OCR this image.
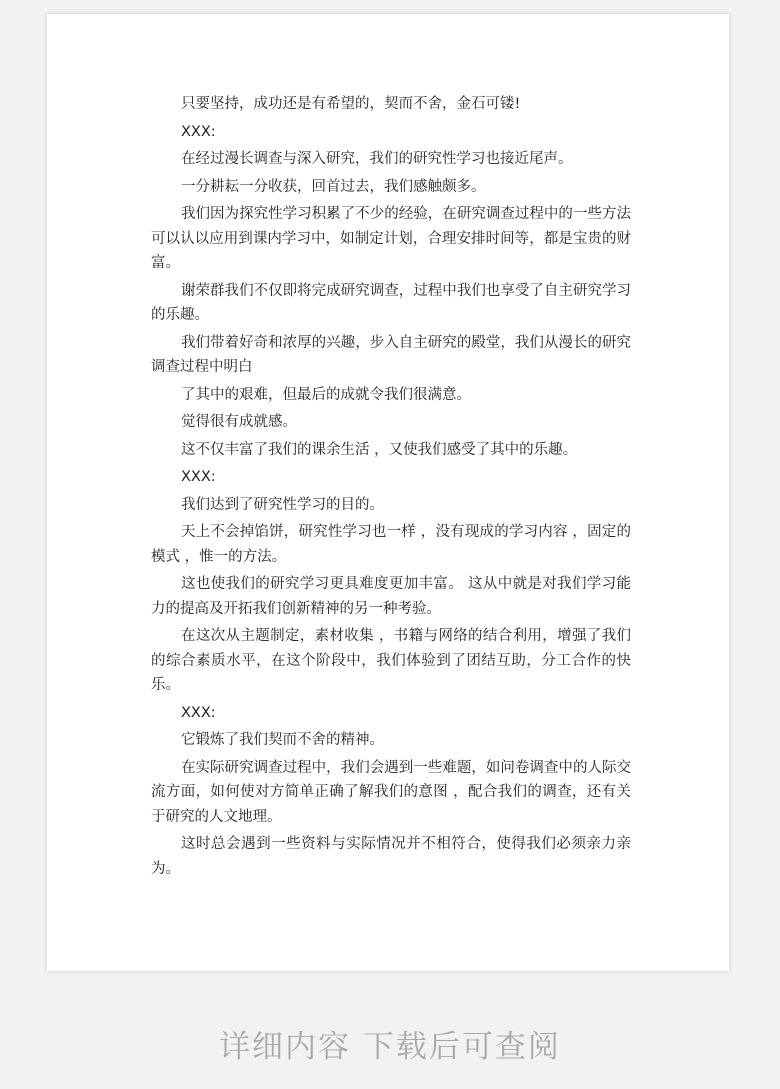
只要坚持，成功还是有希望的，契而不舍，金石可镂!

XXX:

在经过漫长调查与深入研究，我们的研究性学习也接近尾声。

一分耕耘一分收获，回首过去，我们感触颇多。

我们因为探究性学习积累了不少的经验，在研究调查过程中的一些方法可以认以应用到课内学习中，如制定计划，合理安排时间等，都是宝贵的财富。

谢荣群我们不仅即将完成研究调查，过程中我们也享受了自主研究学习的乐趣。

我们带着好奇和浓厚的兴趣，步入自主研究的殿堂，我们从漫长的研究调查过程中明白

了其中的艰难，但最后的成就令我们很满意。

觉得很有成就感。

这不仅丰富了我们的课余生活 ，又使我们感受了其中的乐趣。

XXX:

我们达到了研究性学习的目的。

天上不会掉馅饼，研究性学习也一样 ，没有现成的学习内容 ，固定的模式 ，惟一的方法。

这也使我们的研究学习更具难度更加丰富。 这从中就是对我们学习能力的提高及开拓我们创新精神的另一种考验。

在这次从主题制定，素材收集 ，书籍与网络的结合利用，增强了我们的综合素质水平，在这个阶段中，我们体验到了团结互助，分工合作的快乐。

XXX:

它锻炼了我们契而不舍的精神。

在实际研究调查过程中，我们会遇到一些难题，如问卷调查中的人际交流方面，如何使对方简单正确了解我们的意图 ，配合我们的调查，还有关于研究的人文地理。

这时总会遇到一些资料与实际情况并不相符合，使得我们必须亲力亲为。

详细内容 下载后可查阅
